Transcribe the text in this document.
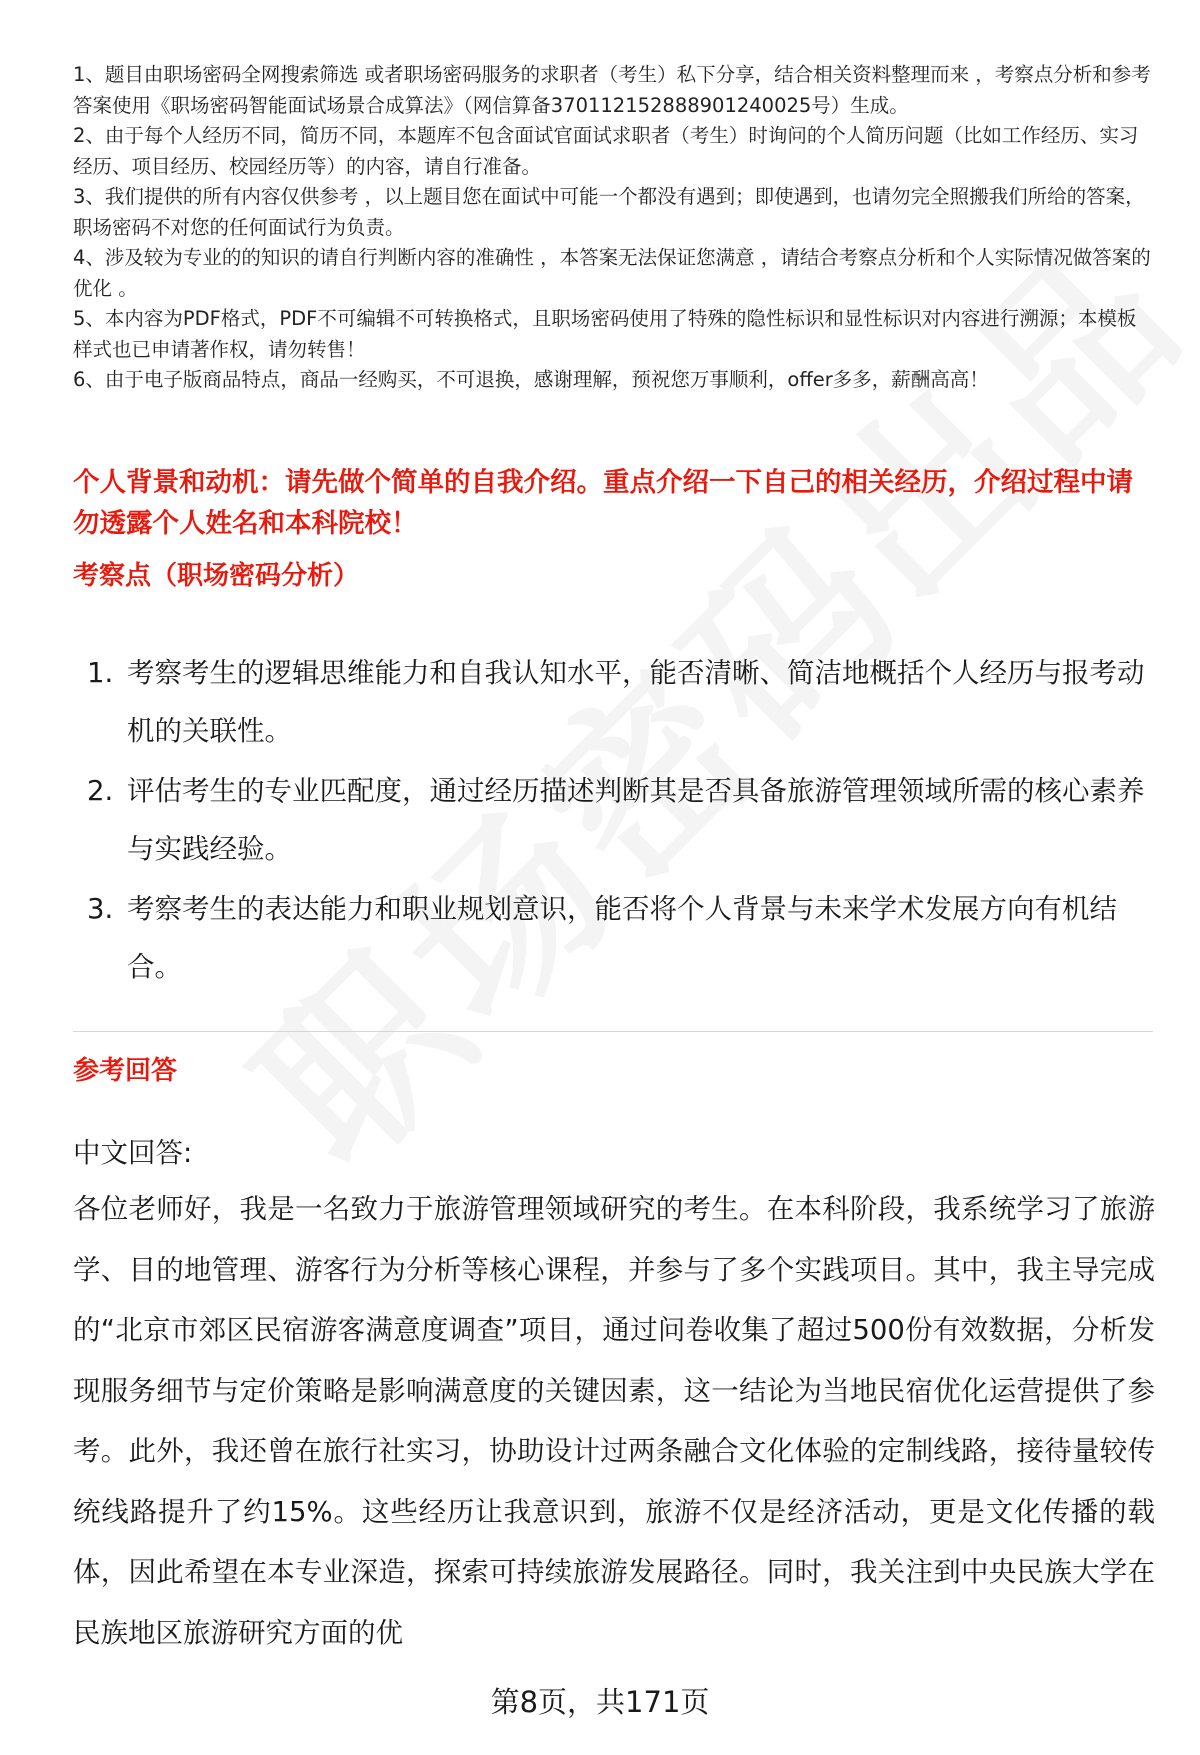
1、题目由职场密码全网搜索筛选 或者职场密码服务的求职者（考生）私下分享，结合相关资料整理而来 ，考察点分析和参考答案使用《职场密码智能面试场景合成算法》（网信算备370112152888901240025号）生成。

2、由于每个人经历不同，简历不同，本题库不包含面试官面试求职者（考生）时询问的个人简历问题（比如工作经历、实习经历、项目经历、校园经历等）的内容，请自行准备。

3、我们提供的所有内容仅供参考 ，以上题目您在面试中可能一个都没有遇到；即使遇到，也请勿完全照搬我们所给的答案，职场密码不对您的任何面试行为负责。

4、涉及较为专业的的知识的请自行判断内容的准确性 ，本答案无法保证您满意 ，请结合考察点分析和个人实际情况做答案的优化 。

5、本内容为PDF格式，PDF不可编辑不可转换格式，且职场密码使用了特殊的隐性标识和显性标识对内容进行溯源；本模板样式也已申请著作权，请勿转售！

6、由于电子版商品特点，商品一经购买，不可退换，感谢理解，预祝您万事顺利，offer多多，薪酬高高！

个人背景和动机：请先做个简单的自我介绍。重点介绍一下自己的相关经历，介绍过程中请勿透露个人姓名和本科院校！

考察点（职场密码分析）

1. 考察考生的逻辑思维能力和自我认知水平，能否清晰、简洁地概括个人经历与报考动机的关联性。
2. 评估考生的专业匹配度，通过经历描述判断其是否具备旅游管理领域所需的核心素养与实践经验。
3. 考察考生的表达能力和职业规划意识，能否将个人背景与未来学术发展方向有机结合。

参考回答

中文回答:

各位老师好，我是一名致力于旅游管理领域研究的考生。在本科阶段，我系统学习了旅游学、目的地管理、游客行为分析等核心课程，并参与了多个实践项目。其中，我主导完成的“北京市郊区民宿游客满意度调查”项目，通过问卷收集了超过500份有效数据，分析发现服务细节与定价策略是影响满意度的关键因素，这一结论为当地民宿优化运营提供了参考。此外，我还曾在旅行社实习，协助设计过两条融合文化体验的定制线路，接待量较传统线路提升了约15%。这些经历让我意识到，旅游不仅是经济活动，更是文化传播的载体，因此希望在本专业深造，探索可持续旅游发展路径。同时，我关注到中央民族大学在民族地区旅游研究方面的优

第8页，共171页
